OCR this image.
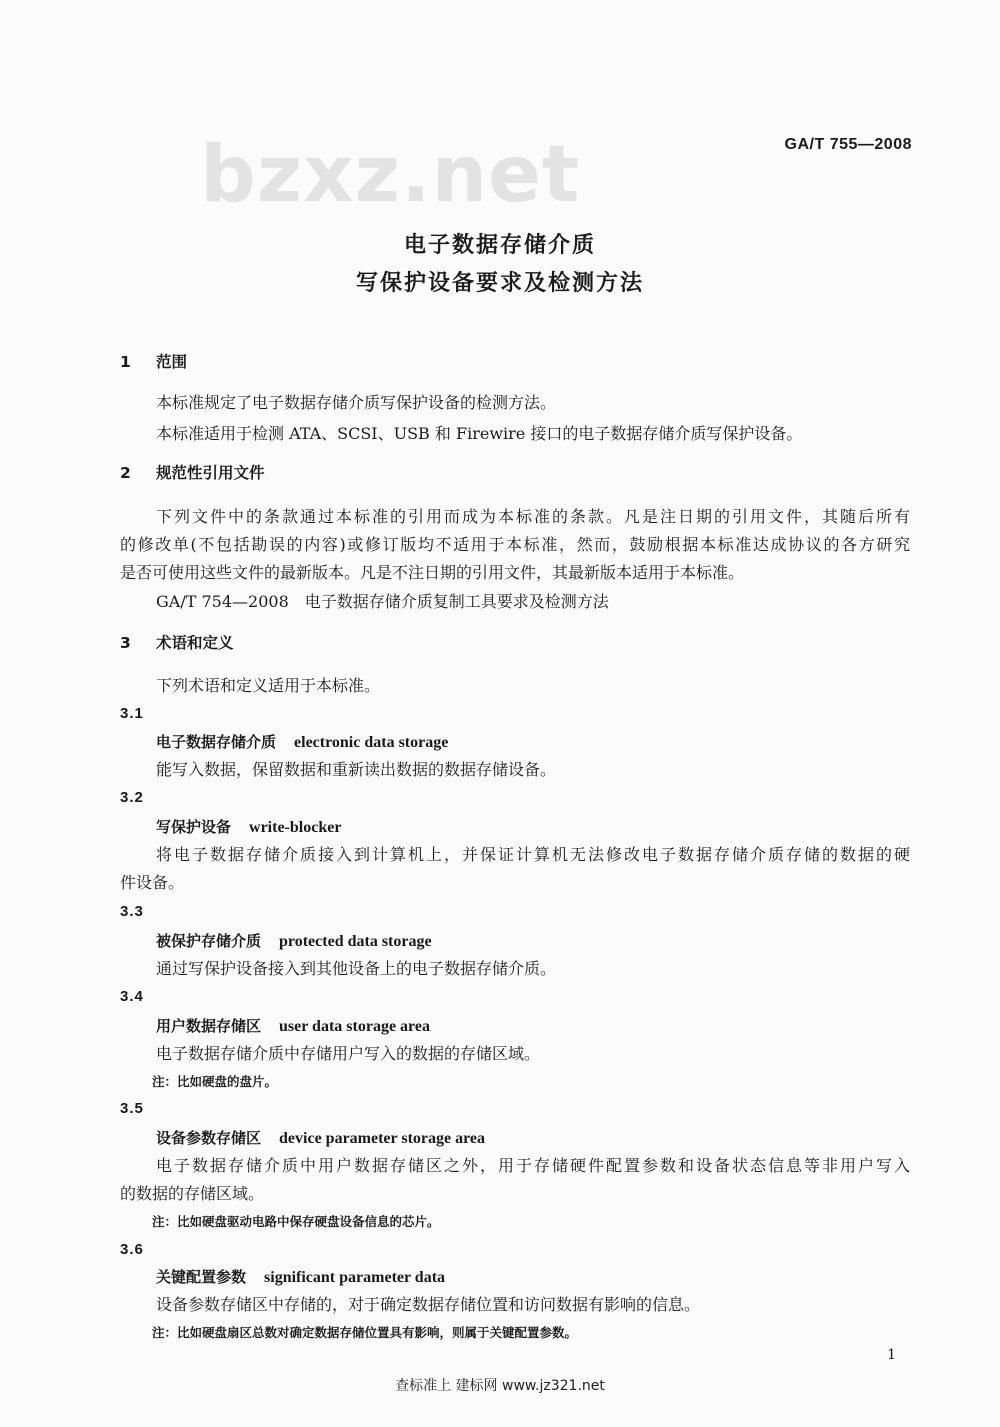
GA/T 755—2008
bzxz.net
电子数据存储介质
写保护设备要求及检测方法
1 范围
本标准规定了电子数据存储介质写保护设备的检测方法。
本标准适用于检测 ATA、SCSI、USB 和 Firewire 接口的电子数据存储介质写保护设备。
2 规范性引用文件
下列文件中的条款通过本标准的引用而成为本标准的条款。凡是注日期的引用文件，其随后所有
的修改单(不包括勘误的内容)或修订版均不适用于本标准，然而，鼓励根据本标准达成协议的各方研究
是否可使用这些文件的最新版本。凡是不注日期的引用文件，其最新版本适用于本标准。
GA/T 754—2008　电子数据存储介质复制工具要求及检测方法
3 术语和定义
下列术语和定义适用于本标准。
3.1
电子数据存储介质 electronic data storage
能写入数据，保留数据和重新读出数据的数据存储设备。
3.2
写保护设备 write-blocker
将电子数据存储介质接入到计算机上，并保证计算机无法修改电子数据存储介质存储的数据的硬
件设备。
3.3
被保护存储介质 protected data storage
通过写保护设备接入到其他设备上的电子数据存储介质。
3.4
用户数据存储区 user data storage area
电子数据存储介质中存储用户写入的数据的存储区域。
注：比如硬盘的盘片。
3.5
设备参数存储区 device parameter storage area
电子数据存储介质中用户数据存储区之外，用于存储硬件配置参数和设备状态信息等非用户写入
的数据的存储区域。
注：比如硬盘驱动电路中保存硬盘设备信息的芯片。
3.6
关键配置参数 significant parameter data
设备参数存储区中存储的，对于确定数据存储位置和访问数据有影响的信息。
注：比如硬盘扇区总数对确定数据存储位置具有影响，则属于关键配置参数。
1
查标准上 建标网 www.jz321.net
